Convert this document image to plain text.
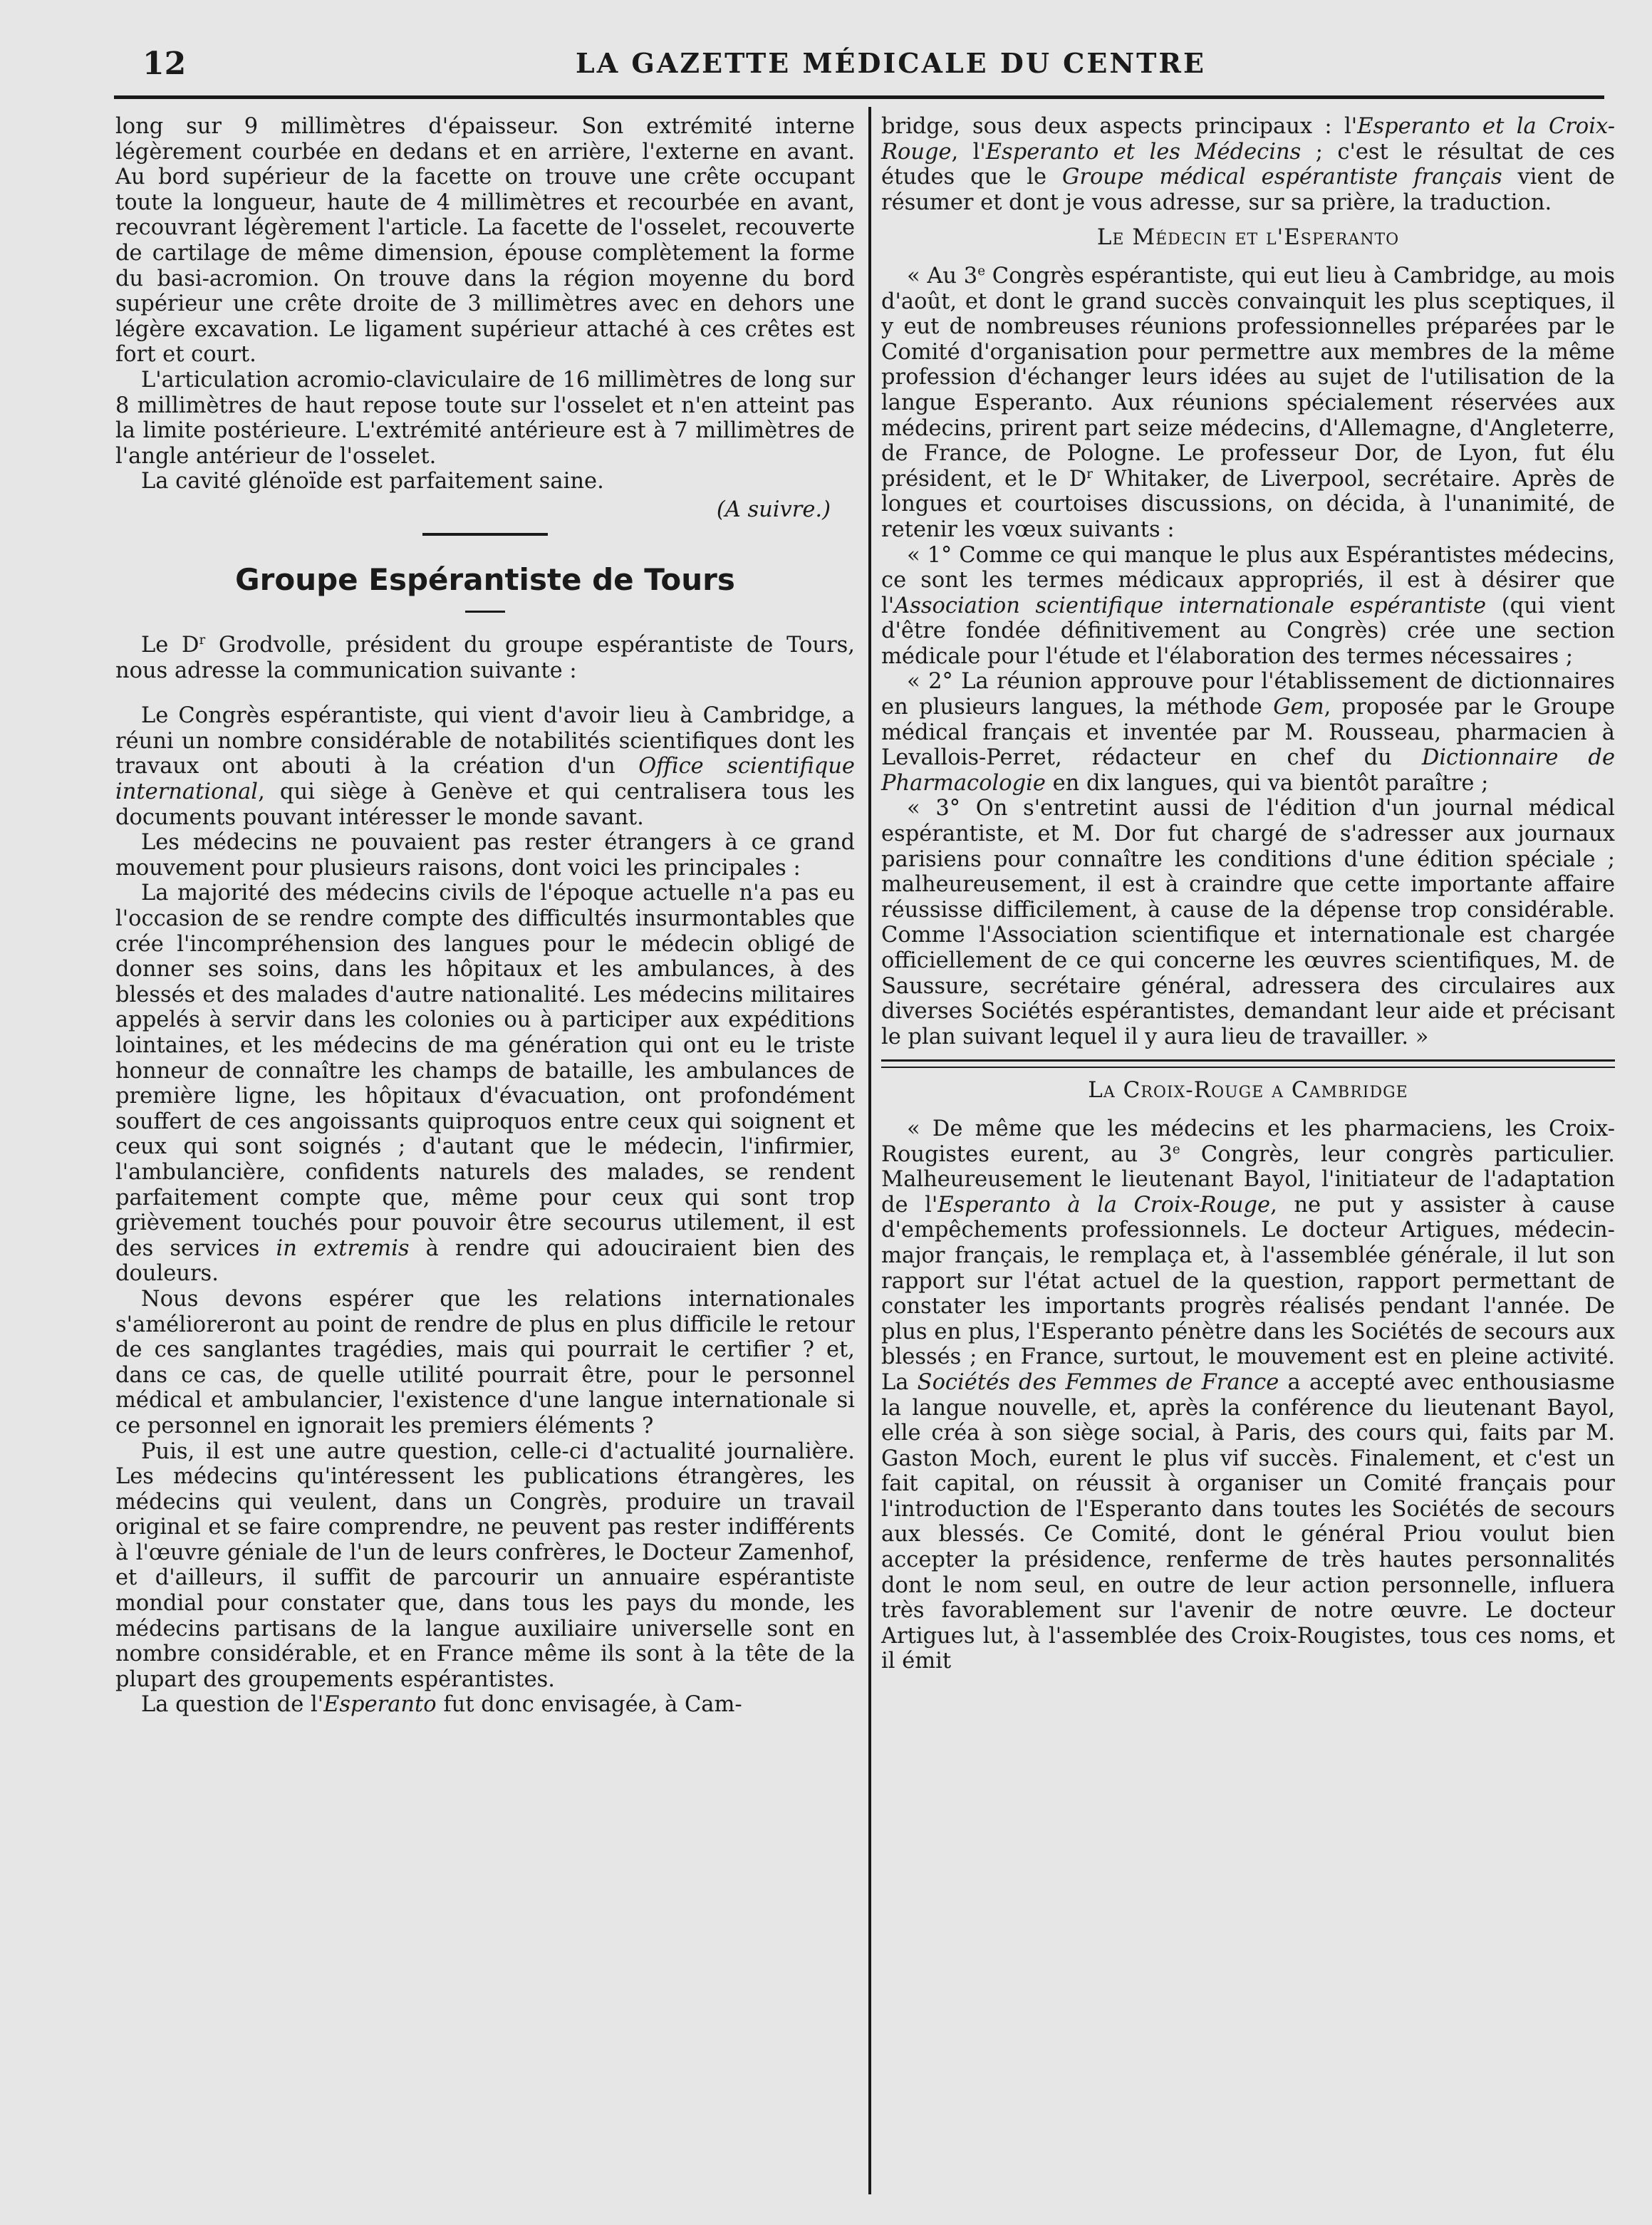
12	LA GAZETTE MÉDICALE DU CENTRE

long sur 9 millimètres d'épaisseur. Son extrémité interne légèrement courbée en dedans et en arrière, l'externe en avant. Au bord supérieur de la facette on trouve une crête occupant toute la longueur, haute de 4 millimètres et recourbée en avant, recouvrant légèrement l'article. La facette de l'osselet, recouverte de cartilage de même dimension, épouse complètement la forme du basi-acromion. On trouve dans la région moyenne du bord supérieur une crête droite de 3 millimètres avec en dehors une légère excavation. Le ligament supérieur attaché à ces crêtes est fort et court.

L'articulation acromio-claviculaire de 16 millimètres de long sur 8 millimètres de haut repose toute sur l'osselet et n'en atteint pas la limite postérieure. L'extrémité antérieure est à 7 millimètres de l'angle antérieur de l'osselet.

La cavité glénoïde est parfaitement saine.

(A suivre.)
Groupe Espérantiste de Tours

Le $D^r$ Grodvolle, président du groupe espérantiste de Tours, nous adresse la communication suivante :

Le Congrès espérantiste, qui vient d'avoir lieu à Cambridge, a réuni un nombre considérable de notabilités scientifiques dont les travaux ont abouti à la création d'un Office scientifique international, qui siège à Genève et qui centralisera tous les documents pouvant intéresser le monde savant.

Les médecins ne pouvaient pas rester étrangers à ce grand mouvement pour plusieurs raisons, dont voici les principales :

La majorité des médecins civils de l'époque actuelle n'a pas eu l'occasion de se rendre compte des difficultés insurmontables que crée l'incompréhension des langues pour le médecin obligé de donner ses soins, dans les hôpitaux et les ambulances, à des blessés et des malades d'autre nationalité. Les médecins militaires appelés à servir dans les colonies ou à participer aux expéditions lointaines, et les médecins de ma génération qui ont eu le triste honneur de connaître les champs de bataille, les ambulances de première ligne, les hôpitaux d'évacuation, ont profondément souffert de ces angoissants quiproquos entre ceux qui soignent et ceux qui sont soignés ; d'autant que le médecin, l'infirmier, l'ambulancière, confidents naturels des malades, se rendent parfaitement compte que, même pour ceux qui sont trop grièvement touchés pour pouvoir être secourus utilement, il est des services in extremis à rendre qui adouciraient bien des douleurs.

Nous devons espérer que les relations internationales s'amélioreront au point de rendre de plus en plus difficile le retour de ces sanglantes tragédies, mais qui pourrait le certifier ? et, dans ce cas, de quelle utilité pourrait être, pour le personnel médical et ambulancier, l'existence d'une langue internationale si ce personnel en ignorait les premiers éléments ?

Puis, il est une autre question, celle-ci d'actualité journalière. Les médecins qu'intéressent les publications étrangères, les médecins qui veulent, dans un Congrès, produire un travail original et se faire comprendre, ne peuvent pas rester indifférents à l'œuvre géniale de l'un de leurs confrères, le Docteur Zamenhof, et d'ailleurs, il suffit de parcourir un annuaire espérantiste mondial pour constater que, dans tous les pays du monde, les médecins partisans de la langue auxiliaire universelle sont en nombre considérable, et en France même ils sont à la tête de la plupart des groupements espérantistes.

La question de l'Esperanto fut donc envisagée, à Cam-

bridge, sous deux aspects principaux : l'Esperanto et la Croix-Rouge, l'Esperanto et les Médecins ; c'est le résultat de ces études que le Groupe médical espérantiste français vient de résumer et dont je vous adresse, sur sa prière, la traduction.

Le Médecin et l'Esperanto

« Au 3e Congrès espérantiste, qui eut lieu à Cambridge, au mois d'août, et dont le grand succès convainquit les plus sceptiques, il y eut de nombreuses réunions professionnelles préparées par le Comité d'organisation pour permettre aux membres de la même profession d'échanger leurs idées au sujet de l'utilisation de la langue Esperanto. Aux réunions spécialement réservées aux médecins, prirent part seize médecins, d'Allemagne, d'Angleterre, de France, de Pologne. Le professeur Dor, de Lyon, fut élu président, et le $D^r$ Whitaker, de Liverpool, secrétaire. Après de longues et courtoises discussions, on décida, à l'unanimité, de retenir les vœux suivants :

« 1° Comme ce qui manque le plus aux Espérantistes médecins, ce sont les termes médicaux appropriés, il est à désirer que l'Association scientifique internationale espérantiste (qui vient d'être fondée définitivement au Congrès) crée une section médicale pour l'étude et l'élaboration des termes nécessaires ;

« 2° La réunion approuve pour l'établissement de dictionnaires en plusieurs langues, la méthode Gem, proposée par le Groupe médical français et inventée par M. Rousseau, pharmacien à Levallois-Perret, rédacteur en chef du Dictionnaire de Pharmacologie en dix langues, qui va bientôt paraître ;

« 3° On s'entretint aussi de l'édition d'un journal médical espérantiste, et M. Dor fut chargé de s'adresser aux journaux parisiens pour connaître les conditions d'une édition spéciale ; malheureusement, il est à craindre que cette importante affaire réussisse difficilement, à cause de la dépense trop considérable. Comme l'Association scientifique et internationale est chargée officiellement de ce qui concerne les œuvres scientifiques, M. de Saussure, secrétaire général, adressera des circulaires aux diverses Sociétés espérantistes, demandant leur aide et précisant le plan suivant lequel il y aura lieu de travailler. »

La Croix-Rouge a Cambridge

« De même que les médecins et les pharmaciens, les Croix-Rougistes eurent, au 3e Congrès, leur congrès particulier. Malheureusement le lieutenant Bayol, l'initiateur de l'adaptation de l'Esperanto à la Croix-Rouge, ne put y assister à cause d'empêchements professionnels. Le docteur Artigues, médecin-major français, le remplaça et, à l'assemblée générale, il lut son rapport sur l'état actuel de la question, rapport permettant de constater les importants progrès réalisés pendant l'année. De plus en plus, l'Esperanto pénètre dans les Sociétés de secours aux blessés ; en France, surtout, le mouvement est en pleine activité. La Sociétés des Femmes de France a accepté avec enthousiasme la langue nouvelle, et, après la conférence du lieutenant Bayol, elle créa à son siège social, à Paris, des cours qui, faits par M. Gaston Moch, eurent le plus vif succès. Finalement, et c'est un fait capital, on réussit à organiser un Comité français pour l'introduction de l'Esperanto dans toutes les Sociétés de secours aux blessés. Ce Comité, dont le général Priou voulut bien accepter la présidence, renferme de très hautes personnalités dont le nom seul, en outre de leur action personnelle, influera très favorablement sur l'avenir de notre œuvre. Le docteur Artigues lut, à l'assemblée des Croix-Rougistes, tous ces noms, et il émit
